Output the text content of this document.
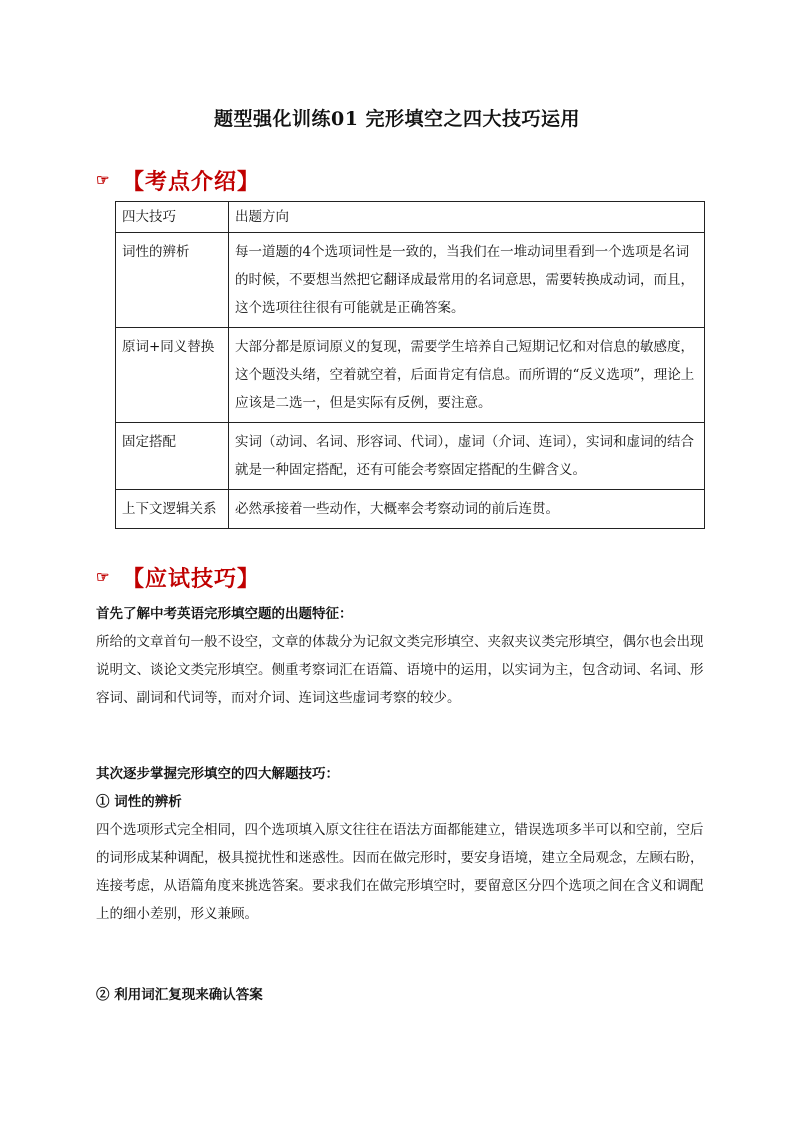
题型强化训练01 完形填空之四大技巧运用
☞ 【考点介绍】
四大技巧	出题方向
词性的辨析	每一道题的4个选项词性是一致的，当我们在一堆动词里看到一个选项是名词的时候，不要想当然把它翻译成最常用的名词意思，需要转换成动词，而且，这个选项往往很有可能就是正确答案。
原词+同义替换	大部分都是原词原义的复现，需要学生培养自己短期记忆和对信息的敏感度，这个题没头绪，空着就空着，后面肯定有信息。而所谓的“反义选项”，理论上应该是二选一，但是实际有反例，要注意。
固定搭配	实词（动词、名词、形容词、代词），虚词（介词、连词），实词和虚词的结合就是一种固定搭配，还有可能会考察固定搭配的生僻含义。
上下文逻辑关系	必然承接着一些动作，大概率会考察动词的前后连贯。
☞ 【应试技巧】

首先了解中考英语完形填空题的出题特征：

所给的文章首句一般不设空，文章的体裁分为记叙文类完形填空、夹叙夹议类完形填空，偶尔也会出现说明文、谈论文类完形填空。侧重考察词汇在语篇、语境中的运用，以实词为主，包含动词、名词、形容词、副词和代词等，而对介词、连词这些虚词考察的较少。

其次逐步掌握完形填空的四大解题技巧：

① 词性的辨析

四个选项形式完全相同，四个选项填入原文往往在语法方面都能建立，错误选项多半可以和空前，空后的词形成某种调配，极具搅扰性和迷惑性。因而在做完形时，要安身语境，建立全局观念，左顾右盼，连接考虑，从语篇角度来挑选答案。要求我们在做完形填空时，要留意区分四个选项之间在含义和调配上的细小差别，形义兼顾。

② 利用词汇复现来确认答案
